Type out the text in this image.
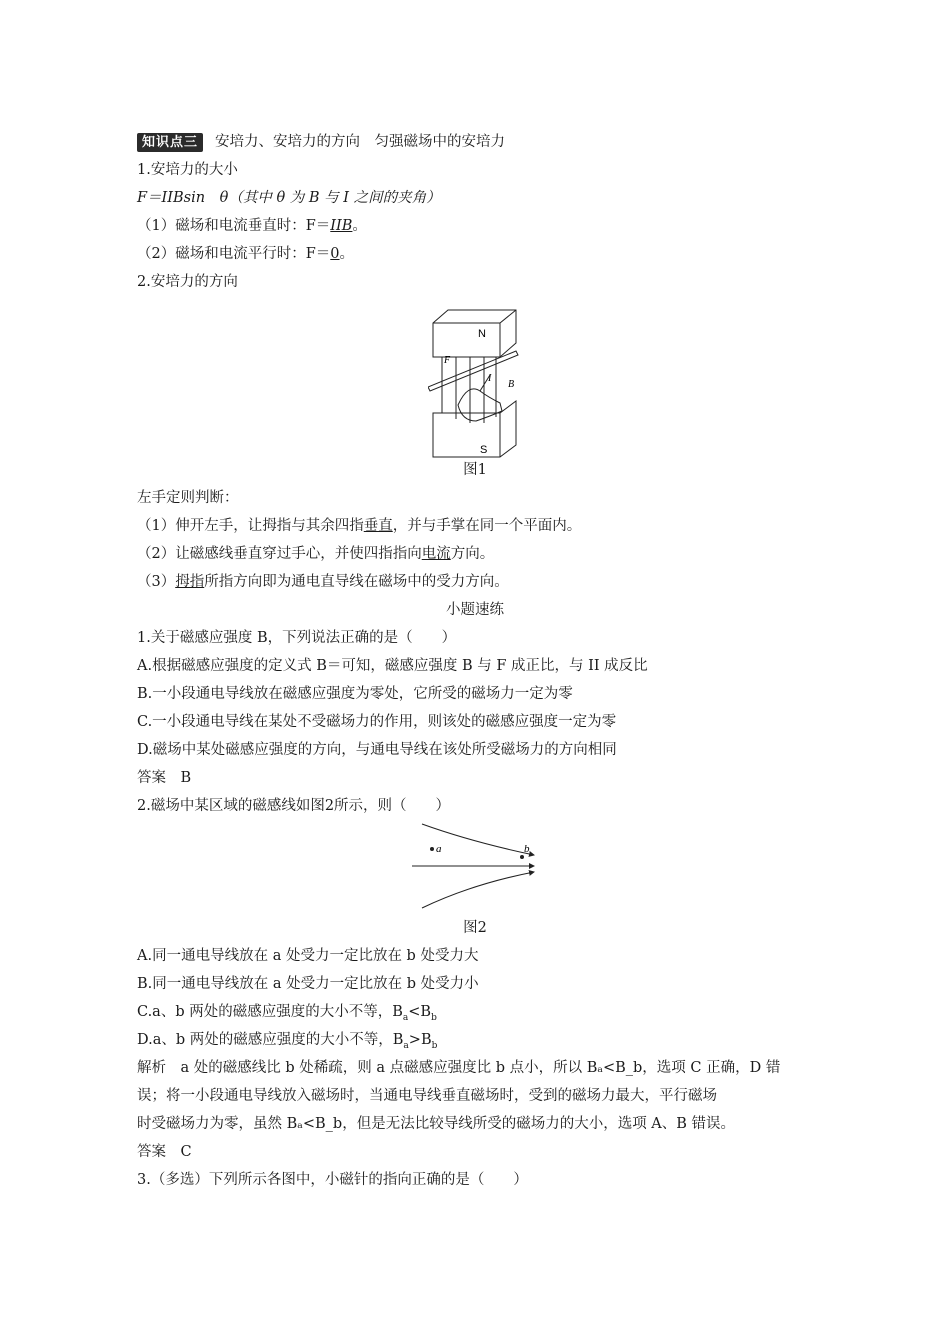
知识点三 安培力、安培力的方向　匀强磁场中的安培力
1.安培力的大小
F＝IIBsin　θ（其中 θ 为 B 与 I 之间的夹角）
（1）磁场和电流垂直时：F＝IIB。
（2）磁场和电流平行时：F＝0。
2.安培力的方向
N
S
F
I
B
图1
左手定则判断：
（1）伸开左手，让拇指与其余四指垂直，并与手掌在同一个平面内。
（2）让磁感线垂直穿过手心，并使四指指向电流方向。
（3）拇指所指方向即为通电直导线在磁场中的受力方向。
小题速练
1.关于磁感应强度 B，下列说法正确的是（　　）
A.根据磁感应强度的定义式 B＝可知，磁感应强度 B 与 F 成正比，与 II 成反比
B.一小段通电导线放在磁感应强度为零处，它所受的磁场力一定为零
C.一小段通电导线在某处不受磁场力的作用，则该处的磁感应强度一定为零
D.磁场中某处磁感应强度的方向，与通电导线在该处所受磁场力的方向相同
答案　B
2.磁场中某区域的磁感线如图2所示，则（　　）
a	b
图2
A.同一通电导线放在 a 处受力一定比放在 b 处受力大
B.同一通电导线放在 a 处受力一定比放在 b 处受力小
C.a、b 两处的磁感应强度的大小不等，$B_a<B_b$
D.a、b 两处的磁感应强度的大小不等，$B_a>B_b$
解析　a 处的磁感线比 b 处稀疏，则 a 点磁感应强度比 b 点小，所以 Bₐ<B_b，选项 C 正确，D 错
误；将一小段通电导线放入磁场时，当通电导线垂直磁场时，受到的磁场力最大，平行磁场
时受磁场力为零，虽然 Bₐ<B_b，但是无法比较导线所受的磁场力的大小，选项 A、B 错误。
答案　C
3.（多选）下列所示各图中，小磁针的指向正确的是（　　）
